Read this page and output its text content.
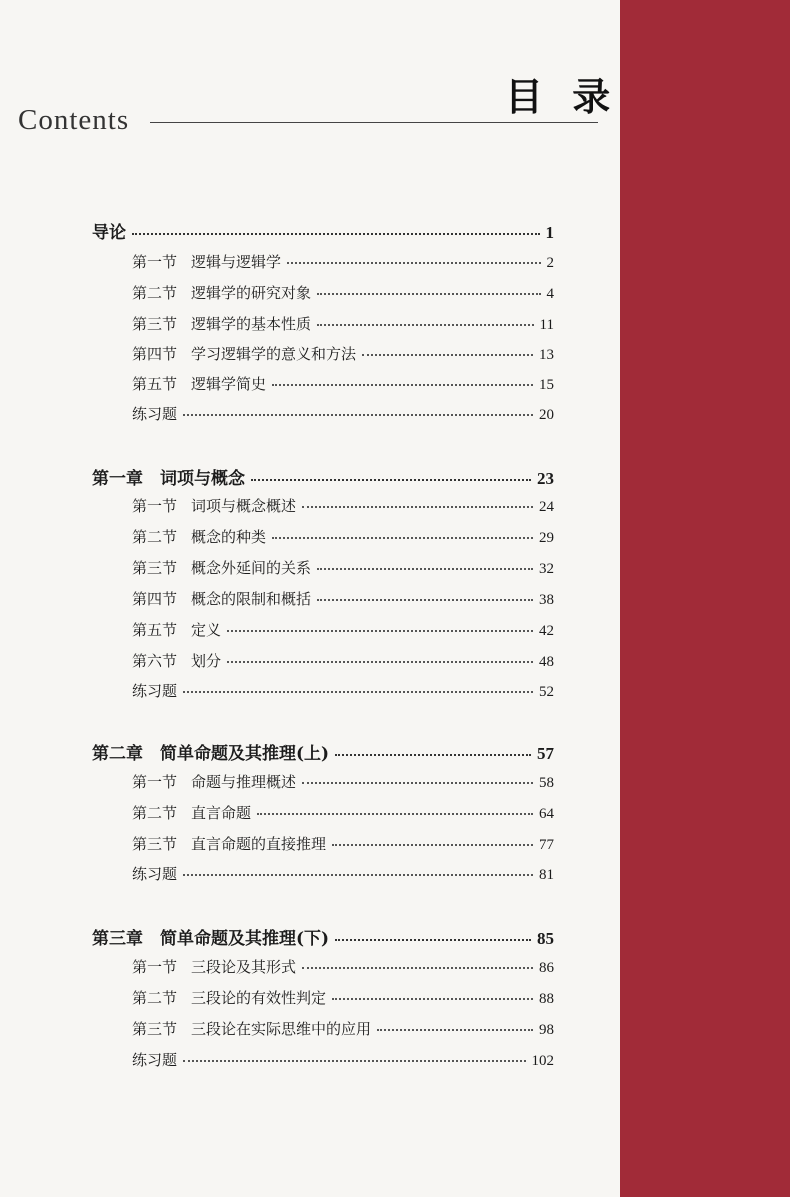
目 录
Contents
导论	1
第一节 逻辑与逻辑学	2
第二节 逻辑学的研究对象	4
第三节 逻辑学的基本性质	11
第四节 学习逻辑学的意义和方法	13
第五节 逻辑学简史	15
练习题	20
第一章　词项与概念	23
第一节 词项与概念概述	24
第二节 概念的种类	29
第三节 概念外延间的关系	32
第四节 概念的限制和概括	38
第五节 定义	42
第六节 划分	48
练习题	52
第二章　简单命题及其推理(上)	57
第一节 命题与推理概述	58
第二节 直言命题	64
第三节 直言命题的直接推理	77
练习题	81
第三章　简单命题及其推理(下)	85
第一节 三段论及其形式	86
第二节 三段论的有效性判定	88
第三节 三段论在实际思维中的应用	98
练习题	102
